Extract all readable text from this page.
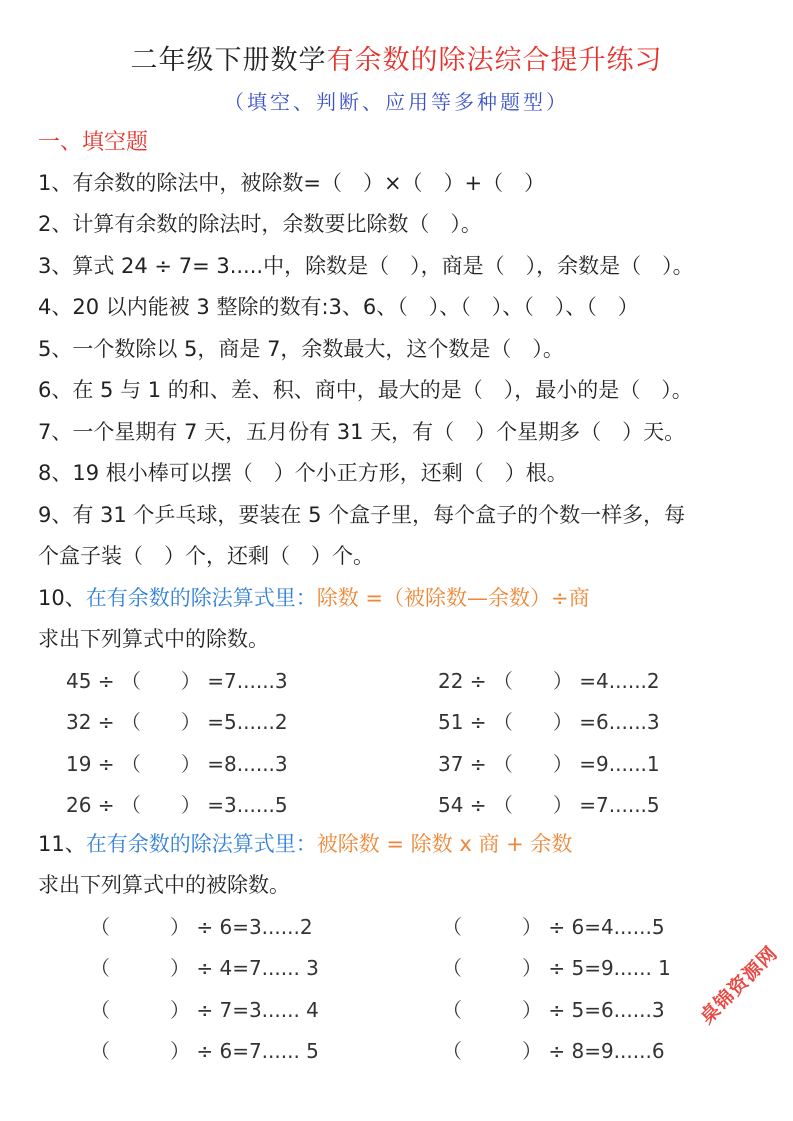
二年级下册数学有余数的除法综合提升练习
（填空、判断、应用等多种题型）
一、填空题
1、有余数的除法中，被除数=（　）×（　）+（　）
2、计算有余数的除法时，余数要比除数（　）。
3、算式 24 ÷ 7= 3.....中，除数是（　），商是（　），余数是（　）。
4、20 以内能被 3 整除的数有:3、6、（　）、（　）、（　）、（　）
5、一个数除以 5，商是 7，余数最大，这个数是（　）。
6、在 5 与 1 的和、差、积、商中，最大的是（　），最小的是（　）。
7、一个星期有 7 天，五月份有 31 天，有（　）个星期多（　）天。
8、19 根小棒可以摆（　）个小正方形，还剩（　）根。
9、有 31 个乒乓球，要装在 5 个盒子里，每个盒子的个数一样多，每
个盒子装（　）个，还剩（　）个。
10、在有余数的除法算式里：除数 =（被除数—余数）÷商
求出下列算式中的除数。
45 ÷ （　　） =7......3
32 ÷ （　　） =5......2
19 ÷ （　　） =8......3
26 ÷ （　　） =3......5
22 ÷ （　　） =4......2
51 ÷ （　　） =6......3
37 ÷ （　　） =9......1
54 ÷ （　　） =7......5
11、在有余数的除法算式里：被除数 = 除数 x 商 + 余数
求出下列算式中的被除数。
（　　　） ÷ 6=3......2
（　　　） ÷ 4=7...... 3
（　　　） ÷ 7=3...... 4
（　　　） ÷ 6=7...... 5
（　　　） ÷ 6=4......5
（　　　） ÷ 5=9...... 1
（　　　） ÷ 5=6......3
（　　　） ÷ 8=9......6
桌锦资源网
